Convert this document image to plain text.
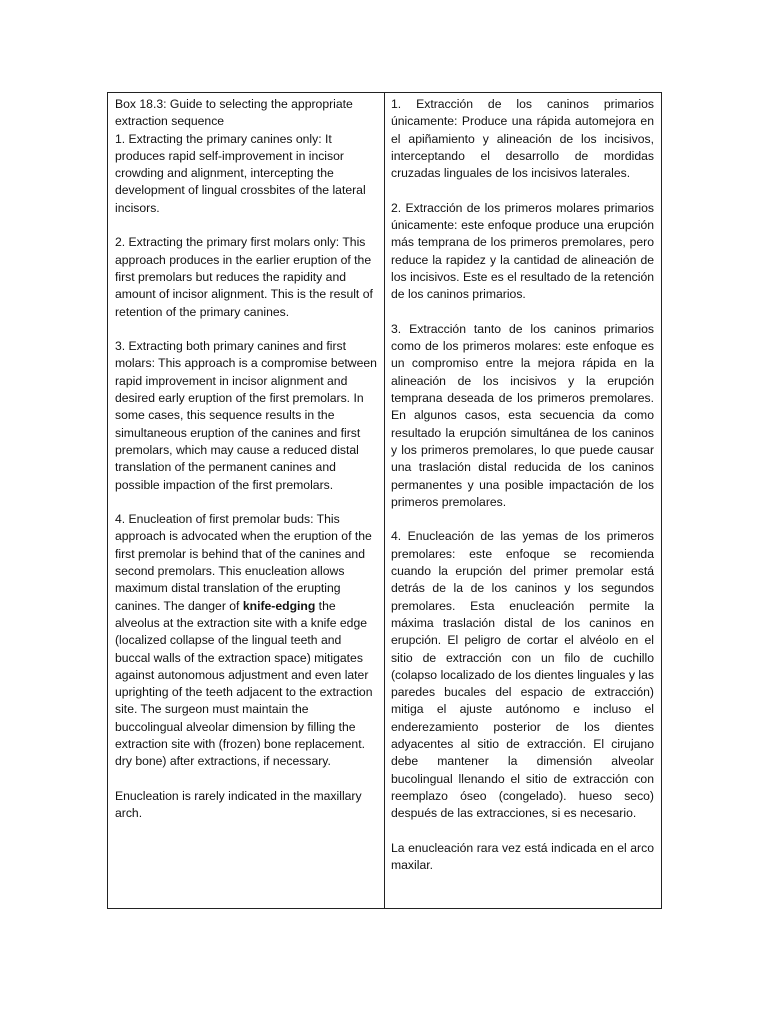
Box 18.3: Guide to selecting the appropriate extraction sequence

1. Extracting the primary canines only: It produces rapid self-improvement in incisor crowding and alignment, intercepting the development of lingual crossbites of the lateral incisors.

2. Extracting the primary first molars only: This approach produces in the earlier eruption of the first premolars but reduces the rapidity and amount of incisor alignment. This is the result of retention of the primary canines.

3. Extracting both primary canines and first molars: This approach is a compromise between rapid improvement in incisor alignment and desired early eruption of the first premolars. In some cases, this sequence results in the simultaneous eruption of the canines and first premolars, which may cause a reduced distal translation of the permanent canines and possible impaction of the first premolars.

4. Enucleation of first premolar buds: This approach is advocated when the eruption of the first premolar is behind that of the canines and second premolars. This enucleation allows maximum distal translation of the erupting canines. The danger of knife-edging the alveolus at the extraction site with a knife edge (localized collapse of the lingual teeth and buccal walls of the extraction space) mitigates against autonomous adjustment and even later uprighting of the teeth adjacent to the extraction site. The surgeon must maintain the buccolingual alveolar dimension by filling the extraction site with (frozen) bone replacement. dry bone) after extractions, if necessary.

Enucleation is rarely indicated in the maxillary arch.

1. Extracción de los caninos primarios únicamente: Produce una rápida automejora en el apiñamiento y alineación de los incisivos, interceptando el desarrollo de mordidas cruzadas linguales de los incisivos laterales.

2. Extracción de los primeros molares primarios únicamente: este enfoque produce una erupción más temprana de los primeros premolares, pero reduce la rapidez y la cantidad de alineación de los incisivos. Este es el resultado de la retención de los caninos primarios.

3. Extracción tanto de los caninos primarios como de los primeros molares: este enfoque es un compromiso entre la mejora rápida en la alineación de los incisivos y la erupción temprana deseada de los primeros premolares. En algunos casos, esta secuencia da como resultado la erupción simultánea de los caninos y los primeros premolares, lo que puede causar una traslación distal reducida de los caninos permanentes y una posible impactación de los primeros premolares.

4. Enucleación de las yemas de los primeros premolares: este enfoque se recomienda cuando la erupción del primer premolar está detrás de la de los caninos y los segundos premolares. Esta enucleación permite la máxima traslación distal de los caninos en erupción. El peligro de cortar el alvéolo en el sitio de extracción con un filo de cuchillo (colapso localizado de los dientes linguales y las paredes bucales del espacio de extracción) mitiga el ajuste autónomo e incluso el enderezamiento posterior de los dientes adyacentes al sitio de extracción. El cirujano debe mantener la dimensión alveolar bucolingual llenando el sitio de extracción con reemplazo óseo (congelado). hueso seco) después de las extracciones, si es necesario.

La enucleación rara vez está indicada en el arco maxilar.
